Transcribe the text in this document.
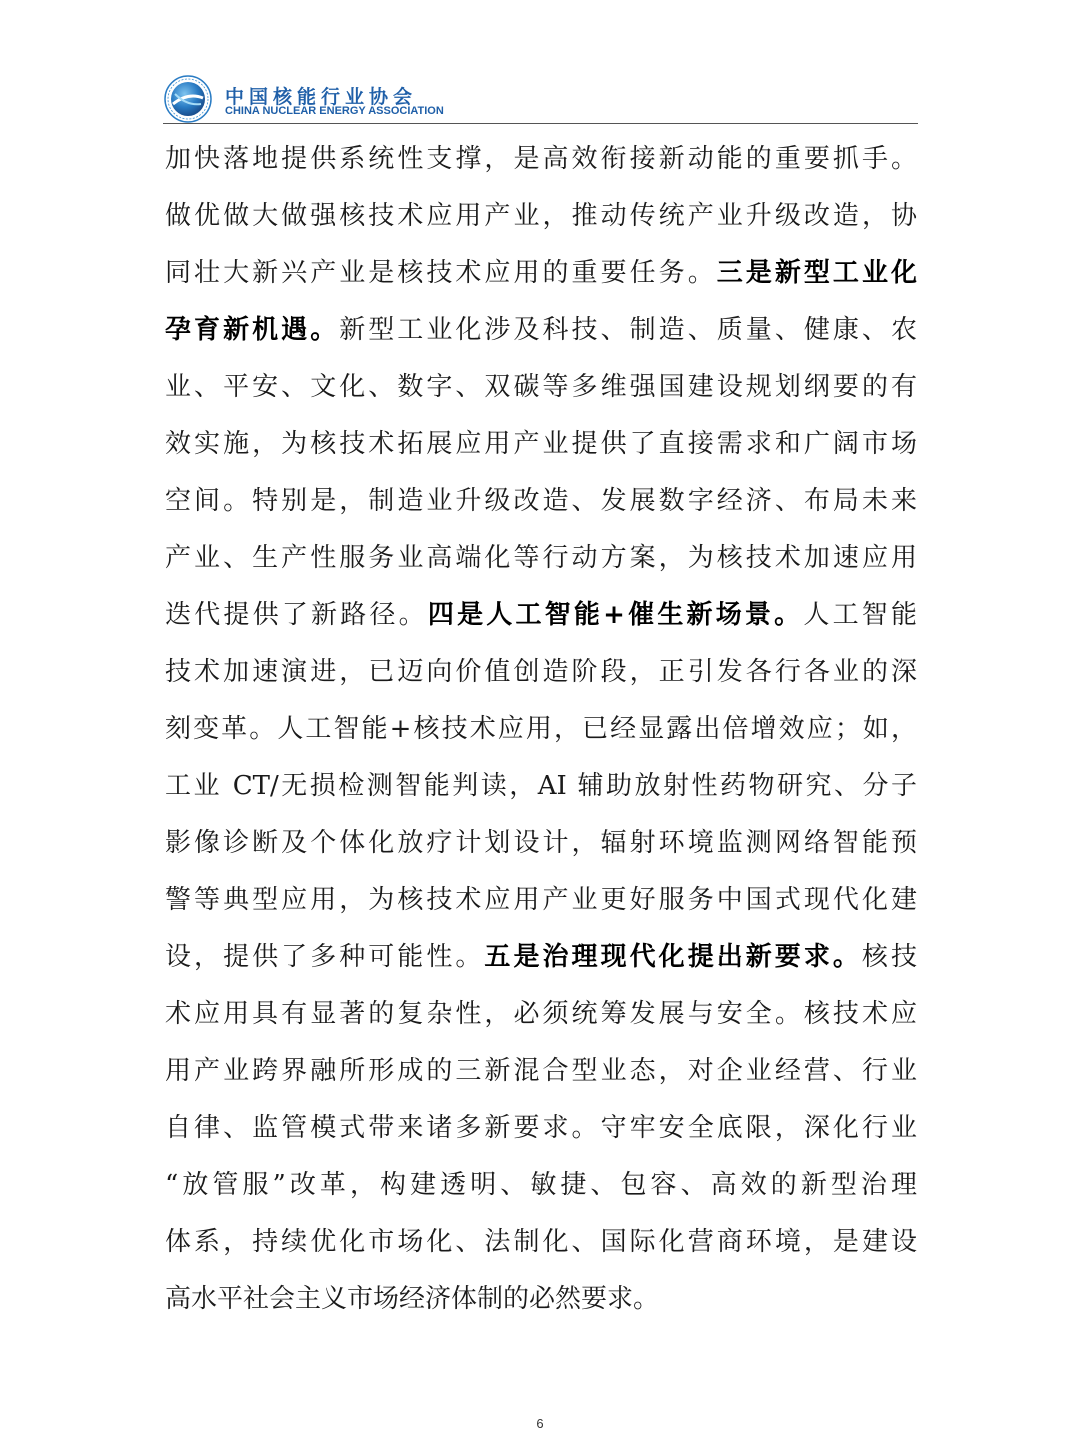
中国核能行业协会
CHINA NUCLEAR ENERGY ASSOCIATION
加快落地提供系统性支撑，是高效衔接新动能的重要抓手。
做优做大做强核技术应用产业，推动传统产业升级改造，协
同壮大新兴产业是核技术应用的重要任务。三是新型工业化
孕育新机遇。新型工业化涉及科技、制造、质量、健康、农
业、平安、文化、数字、双碳等多维强国建设规划纲要的有
效实施，为核技术拓展应用产业提供了直接需求和广阔市场
空间。特别是，制造业升级改造、发展数字经济、布局未来
产业、生产性服务业高端化等行动方案，为核技术加速应用
迭代提供了新路径。四是人工智能+催生新场景。人工智能
技术加速演进，已迈向价值创造阶段，正引发各行各业的深
刻变革。人工智能+核技术应用，已经显露出倍增效应；如，
工业 CT/无损检测智能判读，AI 辅助放射性药物研究、分子
影像诊断及个体化放疗计划设计，辐射环境监测网络智能预
警等典型应用，为核技术应用产业更好服务中国式现代化建
设，提供了多种可能性。五是治理现代化提出新要求。核技
术应用具有显著的复杂性，必须统筹发展与安全。核技术应
用产业跨界融所形成的三新混合型业态，对企业经营、行业
自律、监管模式带来诸多新要求。守牢安全底限，深化行业
“放管服”改革，构建透明、敏捷、包容、高效的新型治理
体系，持续优化市场化、法制化、国际化营商环境，是建设
高水平社会主义市场经济体制的必然要求。
6
